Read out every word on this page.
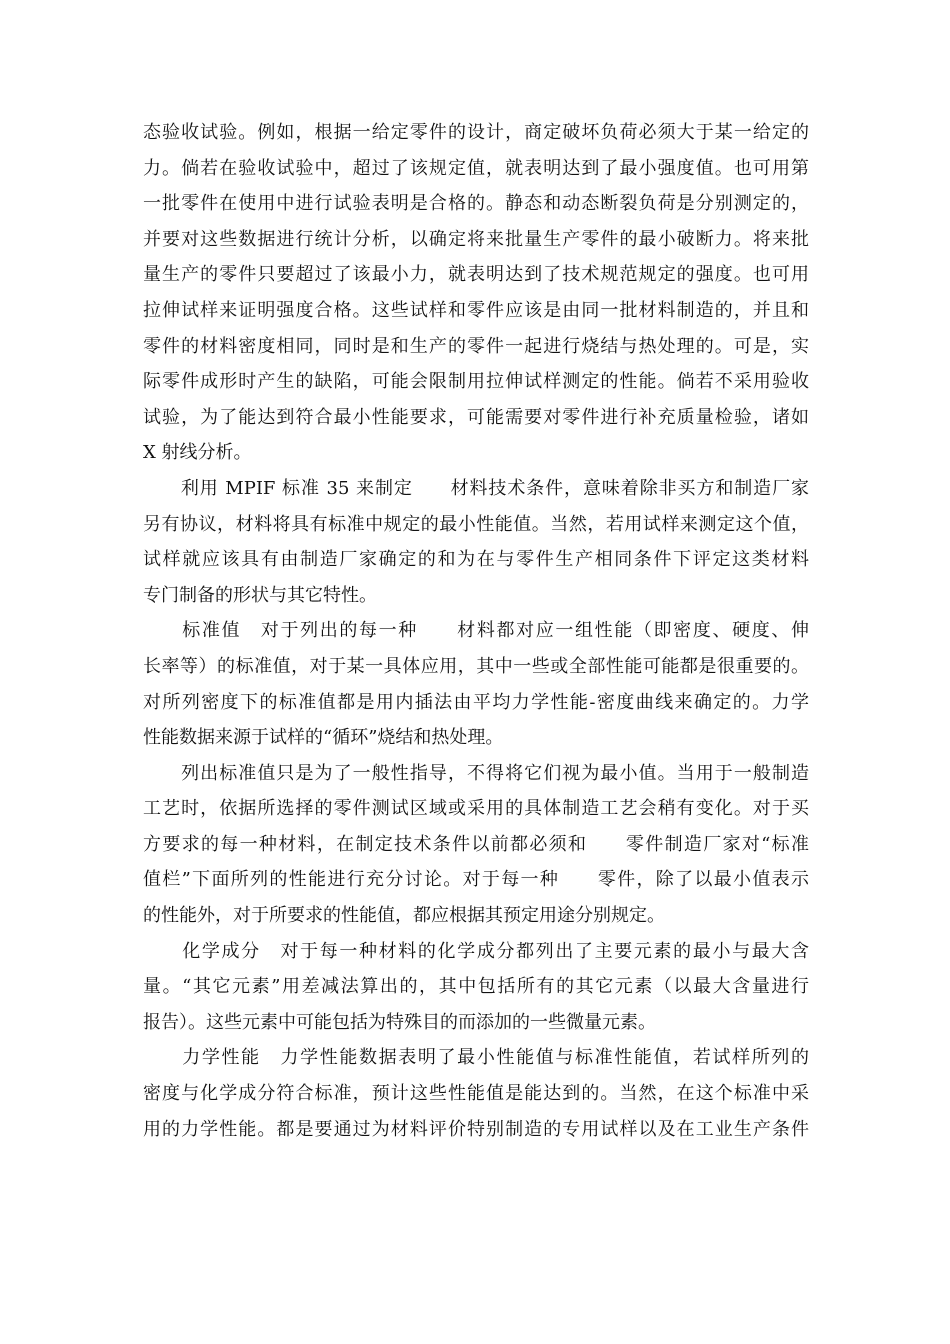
态验收试验。例如，根据一给定零件的设计，商定破坏负荷必须大于某一给定的
力。倘若在验收试验中，超过了该规定值，就表明达到了最小强度值。也可用第
一批零件在使用中进行试验表明是合格的。静态和动态断裂负荷是分别测定的，
并要对这些数据进行统计分析，以确定将来批量生产零件的最小破断力。将来批
量生产的零件只要超过了该最小力，就表明达到了技术规范规定的强度。也可用
拉伸试样来证明强度合格。这些试样和零件应该是由同一批材料制造的，并且和
零件的材料密度相同，同时是和生产的零件一起进行烧结与热处理的。可是，实
际零件成形时产生的缺陷，可能会限制用拉伸试样测定的性能。倘若不采用验收
试验，为了能达到符合最小性能要求，可能需要对零件进行补充质量检验，诸如
X 射线分析。
　　利用 MPIF 标准 35 来制定　　材料技术条件，意味着除非买方和制造厂家
另有协议，材料将具有标准中规定的最小性能值。当然，若用试样来测定这个值，
试样就应该具有由制造厂家确定的和为在与零件生产相同条件下评定这类材料
专门制备的形状与其它特性。
　　标准值　对于列出的每一种　　材料都对应一组性能（即密度、硬度、伸
长率等）的标准值，对于某一具体应用，其中一些或全部性能可能都是很重要的。
对所列密度下的标准值都是用内插法由平均力学性能-密度曲线来确定的。力学
性能数据来源于试样的“循环”烧结和热处理。
　　列出标准值只是为了一般性指导，不得将它们视为最小值。当用于一般制造
工艺时，依据所选择的零件测试区域或采用的具体制造工艺会稍有变化。对于买
方要求的每一种材料，在制定技术条件以前都必须和　　零件制造厂家对“标准
值栏”下面所列的性能进行充分讨论。对于每一种　　零件，除了以最小值表示
的性能外，对于所要求的性能值，都应根据其预定用途分别规定。
　　化学成分　对于每一种材料的化学成分都列出了主要元素的最小与最大含
量。“其它元素”用差减法算出的，其中包括所有的其它元素（以最大含量进行
报告）。这些元素中可能包括为特殊目的而添加的一些微量元素。
　　力学性能　力学性能数据表明了最小性能值与标准性能值，若试样所列的
密度与化学成分符合标准，预计这些性能值是能达到的。当然，在这个标准中采
用的力学性能。都是要通过为材料评价特别制造的专用试样以及在工业生产条件
